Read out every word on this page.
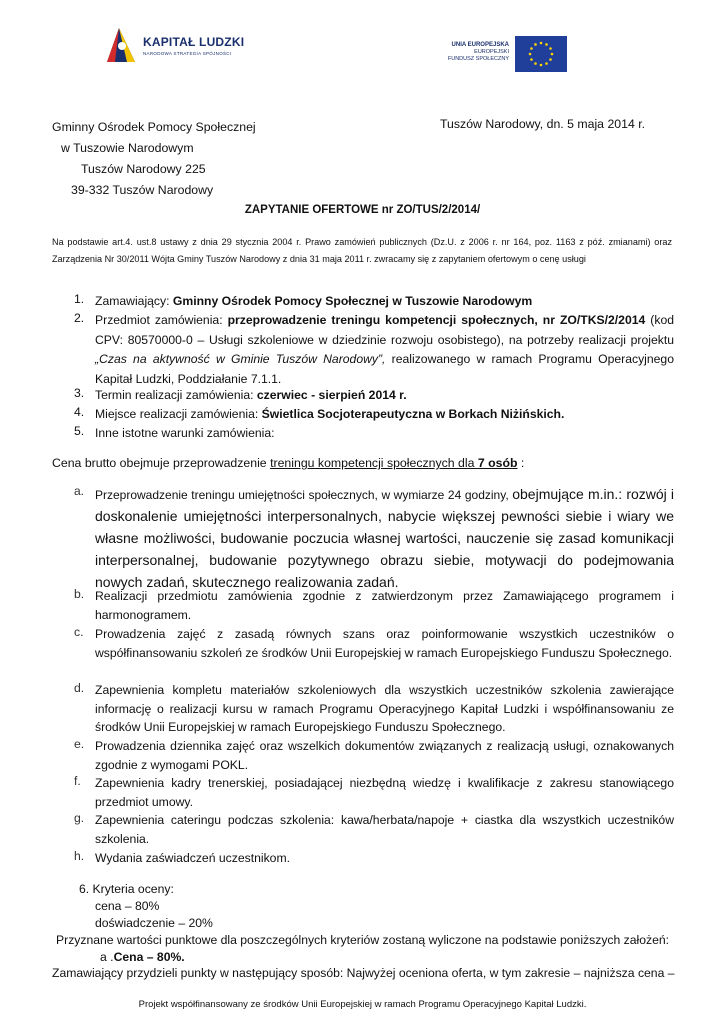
KAPITAŁ LUDZKI
NARODOWA STRATEGIA SPÓJNOŚCI
UNIA EUROPEJSKA
EUROPEJSKI
FUNDUSZ SPOŁECZNY
Gminny Ośrodek Pomocy Społecznej
w Tuszowie Narodowym
Tuszów Narodowy 225
39-332 Tuszów Narodowy
Tuszów Narodowy, dn. 5 maja 2014 r.
ZAPYTANIE OFERTOWE nr ZO/TUS/2/2014/
Na podstawie art.4. ust.8 ustawy z dnia 29 stycznia 2004 r. Prawo zamówień publicznych (Dz.U. z 2006 r. nr 164, poz. 1163 z póź. zmianami) oraz Zarządzenia Nr 30/2011 Wójta Gminy Tuszów Narodowy z dnia 31 maja 2011 r. zwracamy się z zapytaniem ofertowym o cenę usługi
1. Zamawiający: Gminny Ośrodek Pomocy Społecznej w Tuszowie Narodowym
2. Przedmiot zamówienia: przeprowadzenie treningu kompetencji społecznych, nr ZO/TKS/2/2014 (kod CPV: 80570000-0 – Usługi szkoleniowe w dziedzinie rozwoju osobistego), na potrzeby realizacji projektu „Czas na aktywność w Gminie Tuszów Narodowy”, realizowanego w ramach Programu Operacyjnego Kapitał Ludzki, Poddziałanie 7.1.1.
3. Termin realizacji zamówienia: czerwiec - sierpień 2014 r.
4. Miejsce realizacji zamówienia: Świetlica Socjoterapeutyczna w Borkach Niżińskich.
5. Inne istotne warunki zamówienia:
Cena brutto obejmuje przeprowadzenie treningu kompetencji społecznych dla 7 osób :
a. Przeprowadzenie treningu umiejętności społecznych, w wymiarze 24 godziny, obejmujące m.in.: rozwój i doskonalenie umiejętności interpersonalnych, nabycie większej pewności siebie i wiary we własne możliwości, budowanie poczucia własnej wartości, nauczenie się zasad komunikacji interpersonalnej, budowanie pozytywnego obrazu siebie, motywacji do podejmowania nowych zadań, skutecznego realizowania zadań.
b. Realizacji przedmiotu zamówienia zgodnie z zatwierdzonym przez Zamawiającego programem i harmonogramem.
c. Prowadzenia zajęć z zasadą równych szans oraz poinformowanie wszystkich uczestników o współfinansowaniu szkoleń ze środków Unii Europejskiej w ramach Europejskiego Funduszu Społecznego.
d. Zapewnienia kompletu materiałów szkoleniowych dla wszystkich uczestników szkolenia zawierające informację o realizacji kursu w ramach Programu Operacyjnego Kapitał Ludzki i współfinansowaniu ze środków Unii Europejskiej w ramach Europejskiego Funduszu Społecznego.
e. Prowadzenia dziennika zajęć oraz wszelkich dokumentów związanych z realizacją usługi, oznakowanych zgodnie z wymogami POKL.
f. Zapewnienia kadry trenerskiej, posiadającej niezbędną wiedzę i kwalifikacje z zakresu stanowiącego przedmiot umowy.
g. Zapewnienia cateringu podczas szkolenia: kawa/herbata/napoje + ciastka dla wszystkich uczestników szkolenia.
h. Wydania zaświadczeń uczestnikom.
6. Kryteria oceny:
cena – 80%
doświadczenie – 20%
Przyznane wartości punktowe dla poszczególnych kryteriów zostaną wyliczone na podstawie poniższych założeń:
a .Cena – 80%.
Zamawiający przydzieli punkty w następujący sposób: Najwyżej oceniona oferta, w tym zakresie – najniższa cena –
Projekt współfinansowany ze środków Unii Europejskiej w ramach Programu Operacyjnego Kapitał Ludzki.
